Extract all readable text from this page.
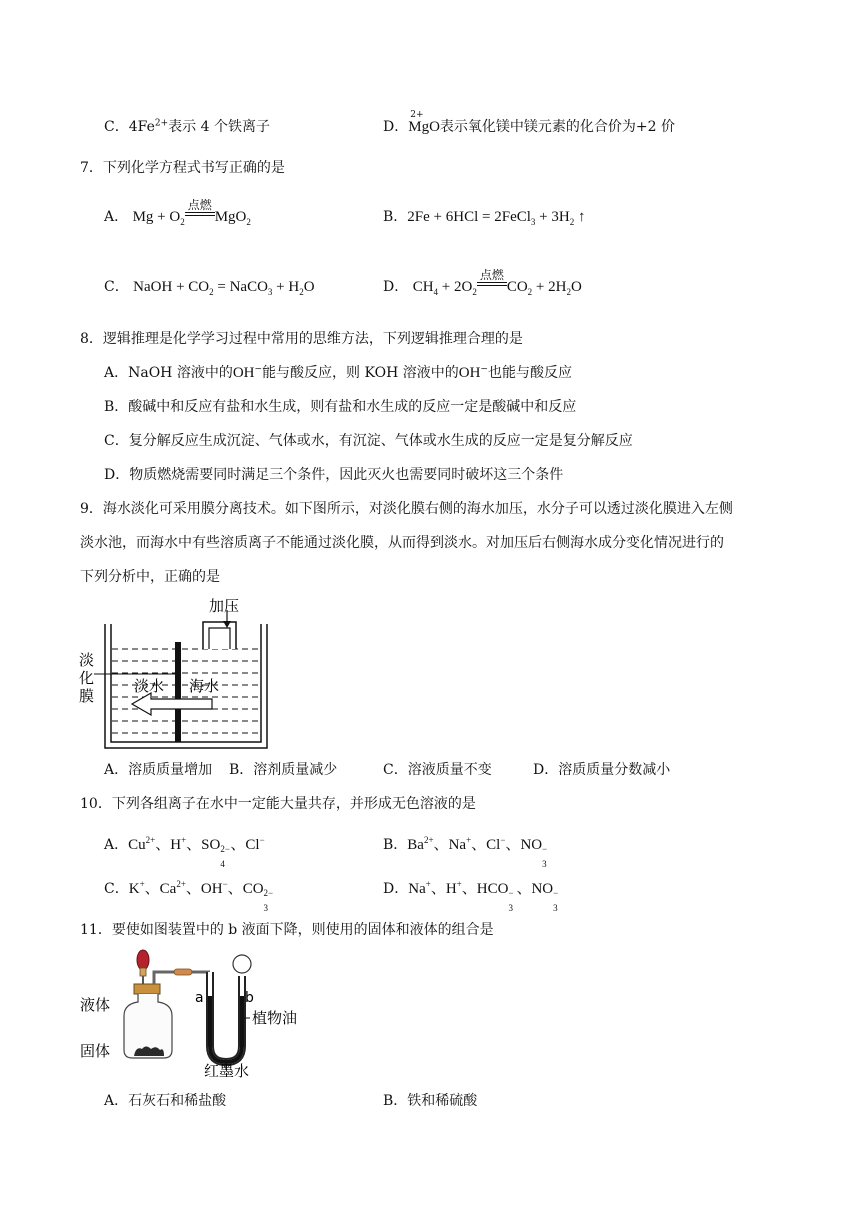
C．$4Fe^{2+}$表示 4 个铁离子	D．
2+
MgO表示氧化镁中镁元素的化合价为+2 价
7．下列化学方程式书写正确的是
A． $Mg + O_2$
点燃
MgO$_2$	B．2Fe + 6HCl = 2FeCl$_3$ + $3H_2$ ↑
C． NaOH + $CO_2$ = NaCO$_3$ + $H_2O$	D． $CH_4 + 2O_2$
点燃
$CO_2 + 2H_2O$
8．逻辑推理是化学学习过程中常用的思维方法，下列逻辑推理合理的是
A．NaOH 溶液中的OH−能与酸反应，则 KOH 溶液中的OH−也能与酸反应
B．酸碱中和反应有盐和水生成，则有盐和水生成的反应一定是酸碱中和反应
C．复分解反应生成沉淀、气体或水，有沉淀、气体或水生成的反应一定是复分解反应
D．物质燃烧需要同时满足三个条件，因此灭火也需要同时破坏这三个条件
9．海水淡化可采用膜分离技术。如下图所示，对淡化膜右侧的海水加压，水分子可以透过淡化膜进入左侧
淡水池，而海水中有些溶质离子不能通过淡化膜，从而得到淡水。对加压后右侧海水成分变化情况进行的
下列分析中，正确的是
加压
淡
化
膜
淡水 海水
A．溶质质量增加 B．溶剂质量减少	C．溶液质量不变	D．溶质质量分数减小
10．下列各组离子在水中一定能大量共存，并形成无色溶液的是
A．$Cu^{2+}$、H+、SO 2−
4
、Cl−	B．$Ba^{2+}$、Na+、Cl−、NO −
3
C．K+、$Ca^{2+}$、OH−、CO 2−
3
D．Na+、H+、HCO −
3
、NO −
3
11．要使如图装置中的 b 液面下降，则使用的固体和液体的组合是
液体
固体
a	b
植物油
红墨水
A．石灰石和稀盐酸	B．铁和稀硫酸
